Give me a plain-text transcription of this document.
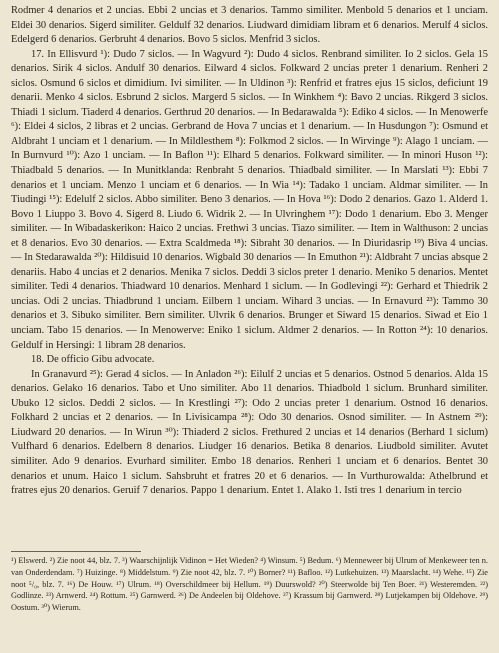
Rodmer 4 denarios et 2 uncias. Ebbi 2 uncias et 3 denarios. Tammo similiter. Menbold 5 denarios et 1 unciam. Eldei 30 denarios. Sigerd similiter. Geldulf 32 denarios. Liudward dimidiam libram et 6 denarios. Merulf 4 siclos. Edelgerd 6 denarios. Gerbruht 4 denarios. Bovo 5 siclos. Menfrid 3 siclos.

17. In Ellisvurd ¹): Dudo 7 siclos. — In Wagvurd ²): Dudo 4 siclos. Renbrand similiter. Io 2 siclos. Gela 15 denarios. Sirik 4 siclos. Andulf 30 denarios. Eilward 4 siclos. Folkward 2 uncias preter 1 denarium. Renheri 2 siclos. Osmund 6 siclos et dimidium. Ivi similiter. — In Uldinon ³): Renfrid et fratres ejus 15 siclos, deficiunt 19 denarii. Menko 4 siclos. Esbrund 2 siclos. Margerd 5 siclos. — In Winkhem ⁴): Bavo 2 uncias. Rikgerd 3 siclos. Thiadi 1 siclum. Tiaderd 4 denarios. Gerthrud 20 denarios. — In Bedarawalda ⁵): Ediko 4 siclos. — In Menowerfe ⁶): Eldei 4 siclos, 2 libras et 2 uncias. Gerbrand de Hova 7 uncias et 1 denarium. — In Husdungon ⁷): Osmund et Aldbraht 1 unciam et 1 denarium. — In Mildlesthem ⁸): Folkmod 2 siclos. — In Wirvinge ⁹): Alago 1 unciam. — In Burnvurd ¹⁰): Azo 1 unciam. — In Baflon ¹¹): Elhard 5 denarios. Folkward similiter. — In minori Huson ¹²): Thiadbald 5 denarios. — In Munitklanda: Renbraht 5 denarios. Thiadbald similiter. — In Marslati ¹³): Ebbi 7 denarios et 1 unciam. Menzo 1 unciam et 6 denarios. — In Wia ¹⁴): Tadako 1 unciam. Aldmar similiter. — In Tiudingi ¹⁵): Edelulf 2 siclos. Abbo similiter. Beno 3 denarios. — In Hova ¹⁶): Dodo 2 denarios. Gazo 1. Alderd 1. Bovo 1 Liuppo 3. Bovo 4. Sigerd 8. Liudo 6. Widrik 2. — In Ulvringhem ¹⁷): Dodo 1 denarium. Ebo 3. Menger similiter. — In Wibadaskerikon: Haico 2 uncias. Frethwi 3 uncias. Tiazo similiter. — Item in Walthuson: 2 uncias et 8 denarios. Evo 30 denarios. — Extra Scaldmeda ¹⁸): Sibraht 30 denarios. — In Diuridasrip ¹⁹) Biva 4 uncias. — In Stedarawalda ²⁰): Hildisuid 10 denarios. Wigbald 30 denarios — In Emuthon ²¹): Aldbraht 7 uncias absque 2 denariis. Habo 4 uncias et 2 denarios. Menika 7 siclos. Deddi 3 siclos preter 1 denario. Meniko 5 denarios. Mentet similiter. Tedi 4 denarios. Thiadward 10 denarios. Menhard 1 siclum. — In Godlevingi ²²): Gerhard et Thiedrik 2 uncias. Odi 2 uncias. Thiadbrund 1 unciam. Eilbern 1 unciam. Wihard 3 uncias. — In Ernavurd ²³): Tammo 30 denarios et 3. Sibuko similiter. Bern similiter. Ulvrik 6 denarios. Brunger et Siward 15 denarios. Siwad et Eio 1 unciam. Tabo 15 denarios. — In Menowerve: Eniko 1 siclum. Aldmer 2 denarios. — In Rotton ²⁴): 10 denarios. Geldulf in Hersingi: 1 libram 28 denarios.

18. De officio Gibu advocate.

In Granavurd ²⁵): Gerad 4 siclos. — In Anladon ²⁶): Eilulf 2 uncias et 5 denarios. Ostnod 5 denarios. Alda 15 denarios. Gelako 16 denarios. Tabo et Uno similiter. Abo 11 denarios. Thiadbold 1 siclum. Brunhard similiter. Ubuko 12 siclos. Deddi 2 siclos. — In Krestlingi ²⁷): Odo 2 uncias preter 1 denarium. Ostnod 16 denarios. Folkhard 2 uncias et 2 denarios. — In Livisicampa ²⁸): Odo 30 denarios. Osnod similiter. — In Astnem ²⁹): Liudward 20 denarios. — In Wirun ³⁰): Thiaderd 2 siclos. Frethured 2 uncias et 14 denarios (Berhard 1 siclum) Vulfhard 6 denarios. Edelbern 8 denarios. Liudger 16 denarios. Betika 8 denarios. Liudbold similiter. Avutet similiter. Ado 9 denarios. Evurhard similiter. Embo 18 denarios. Renheri 1 unciam et 6 denarios. Bentet 30 denarios et unum. Haico 1 siclum. Sahsbruht et fratres 20 et 6 denarios. — In Vurthurowalda: Athelbrund et fratres ejus 20 denarios. Geruif 7 denarios. Pappo 1 denarium. Entet 1. Alako 1. Isti tres 1 denarium in tercio

¹) Elswerd. ²) Zie noot 44, blz. 7. ³) Waarschijnlijk Vidinon = Het Wieden? ⁴) Winsum. ⁵) Bedum. ⁶) Menneweer bij Ulrum of Menkeweer ten n. van Onderdendam. ⁷) Huizinge. ⁸) Middelstum. ⁹) Zie noot 42, blz. 7. ¹⁰) Borner? ¹¹) Bafloo. ¹²) Lutkehuizen. ¹³) Maarslacht. ¹⁴) Wehe. ¹⁵) Zie noot ⁵/₀, blz. 7. ¹⁶) De Houw. ¹⁷) Ulrum. ¹⁸) Overschildmeer bij Hellum. ¹⁹) Duurswold? ²⁰) Steerwolde bij Ten Boer. ²¹) Westeremden. ²²) Godlinze. ²³) Arnwerd. ²⁴) Rottum. ²⁵) Garnwerd. ²⁶) De Andeelen bij Oldehove. ²⁷) Krassum bij Garnwerd. ²⁸) Lutjekampen bij Oldehove. ²⁹) Oostum. ³⁰) Wierum.
